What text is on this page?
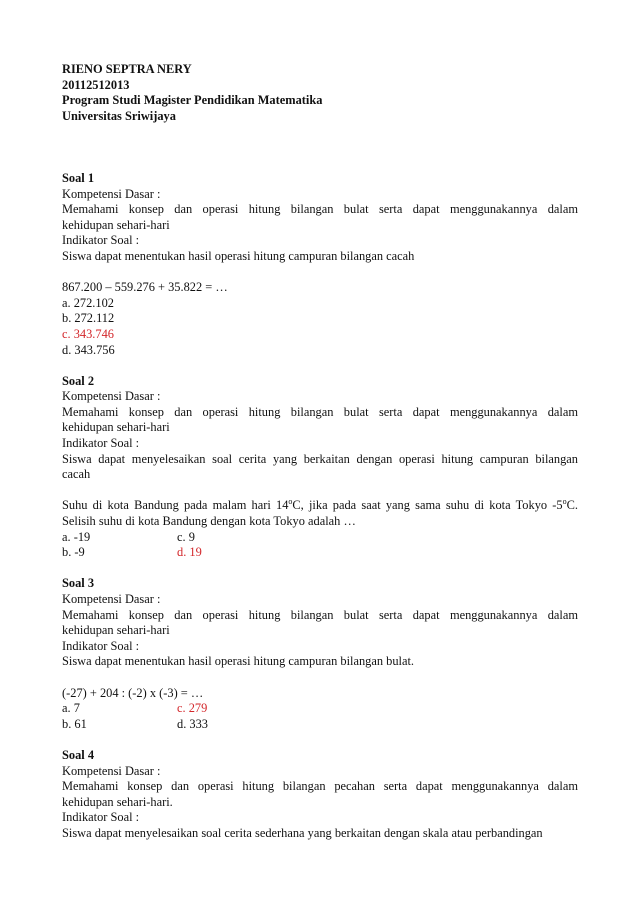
RIENO SEPTRA NERY
20112512013
Program Studi Magister Pendidikan Matematika
Universitas Sriwijaya
Soal 1
Kompetensi Dasar :
Memahami konsep dan operasi hitung bilangan bulat serta dapat menggunakannya dalam
kehidupan sehari-hari
Indikator Soal :
Siswa dapat menentukan hasil operasi hitung campuran bilangan cacah
867.200 – 559.276 + 35.822 = …
a. 272.102
b. 272.112
c. 343.746
d. 343.756
Soal 2
Kompetensi Dasar :
Memahami konsep dan operasi hitung bilangan bulat serta dapat menggunakannya dalam
kehidupan sehari-hari
Indikator Soal :
Siswa dapat menyelesaikan soal cerita yang berkaitan dengan operasi hitung campuran bilangan
cacah
Suhu di kota Bandung pada malam hari 14$^o$C, jika pada saat yang sama suhu di kota Tokyo -5$^o$C.
Selisih suhu di kota Bandung dengan kota Tokyo adalah …
a. -19	c. 9
b. -9	d. 19
Soal 3
Kompetensi Dasar :
Memahami konsep dan operasi hitung bilangan bulat serta dapat menggunakannya dalam
kehidupan sehari-hari
Indikator Soal :
Siswa dapat menentukan hasil operasi hitung campuran bilangan bulat.
(-27) + 204 : (-2) x (-3) = …
a. 7	c. 279
b. 61	d. 333
Soal 4
Kompetensi Dasar :
Memahami konsep dan operasi hitung bilangan pecahan serta dapat menggunakannya dalam
kehidupan sehari-hari.
Indikator Soal :
Siswa dapat menyelesaikan soal cerita sederhana yang berkaitan dengan skala atau perbandingan
